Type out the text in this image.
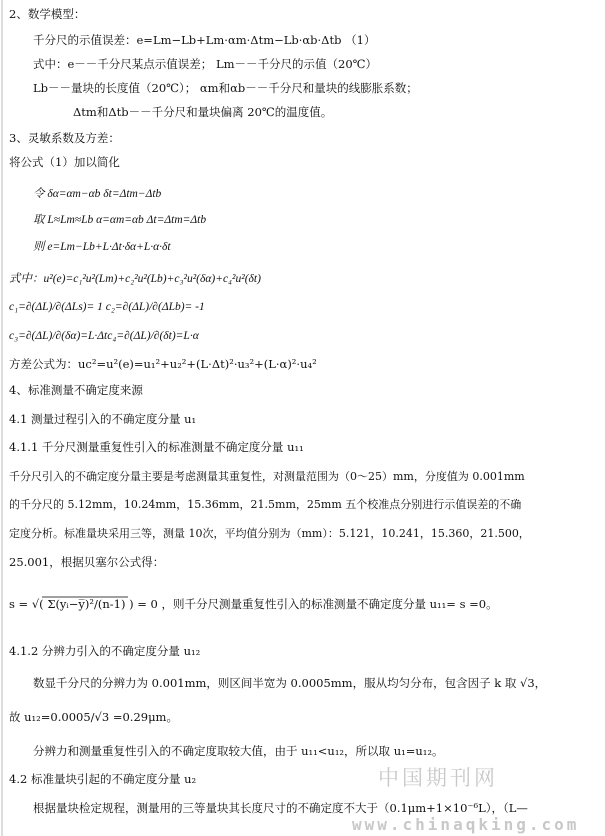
2、数学模型：
千分尺的示值误差：e=Lm−Lb+Lm·αm·Δtm−Lb·αb·Δtb （1）
式中：e－－千分尺某点示值误差； Lm－－千分尺的示值（20℃）
Lb－－量块的长度值（20℃）； αm和αb－－千分尺和量块的线膨胀系数；
Δtm和Δtb－－千分尺和量块偏离 20℃的温度值。
3、灵敏系数及方差：
将公式（1）加以简化
令 δα=αm−αb δt=Δtm−Δtb
取 L≈Lm≈Lb α=αm=αb Δt=Δtm=Δtb
则 e=Lm−Lb+L·Δt·δα+L·α·δt
式中：u²(e)=c₁²u²(Lm)+c₂²u²(Lb)+c₃²u²(δα)+c₄²u²(δt)
c₁=∂(ΔL)/∂(ΔLs)= 1 c₂=∂(ΔL)/∂(ΔLb)= -1
c₃=∂(ΔL)/∂(δα)=L·Δtc₄=∂(ΔL)/∂(δt)=L·α
方差公式为：uc²=u²(e)=u₁²+u₂²+(L·Δt)²·u₃²+(L·α)²·u₄²
4、标准测量不确定度来源
4.1 测量过程引入的不确定度分量 u₁
4.1.1 千分尺测量重复性引入的标准测量不确定度分量 u₁₁
千分尺引入的不确定度分量主要是考虑测量其重复性，对测量范围为（0～25）mm，分度值为 0.001mm
的千分尺的 5.12mm，10.24mm，15.36mm，21.5mm，25mm 五个校准点分别进行示值误差的不确
定度分析。标准量块采用三等，测量 10次，平均值分别为（mm）：5.121，10.241，15.360，21.500，
25.001，根据贝塞尔公式得：
s = √( Σ(yᵢ−y̅)²/(n-1) ) = 0 ，则千分尺测量重复性引入的标准测量不确定度分量 u₁₁= s =0。
4.1.2 分辨力引入的不确定度分量 u₁₂
数显千分尺的分辨力为 0.001mm，则区间半宽为 0.0005mm，服从均匀分布，包含因子 k 取 √3，
故 u₁₂=0.0005/√3 =0.29μm。
分辨力和测量重复性引入的不确定度取较大值，由于 u₁₁<u₁₂，所以取 u₁=u₁₂。
4.2 标准量块引起的不确定度分量 u₂
根据量块检定规程，测量用的三等量块其长度尺寸的不确定度不大于（0.1μm+1×10⁻⁶L），（L—
中国期刊网
www.chinaqking.com
